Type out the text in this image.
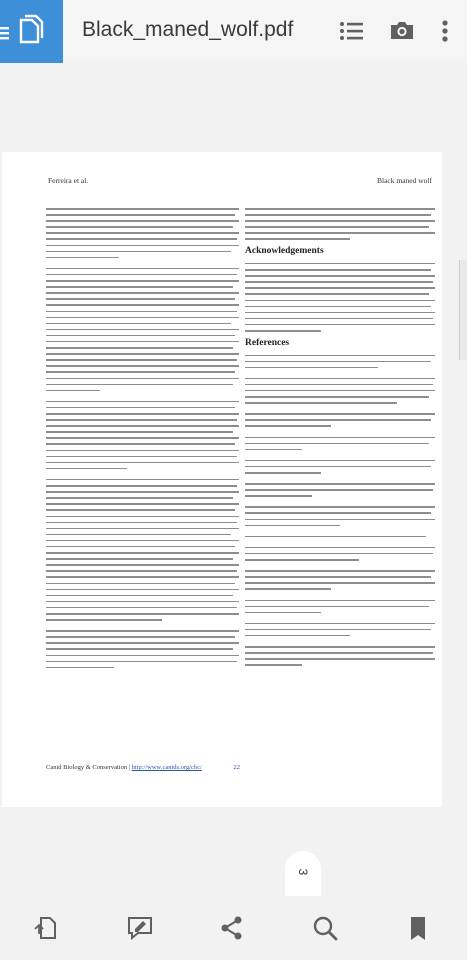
Black_maned_wolf.pdf
Ferreira et al.	Black maned wolf
Acknowledgements
References
Canid Biology & Conservation | http://www.canids.org/cbc/	22
3
